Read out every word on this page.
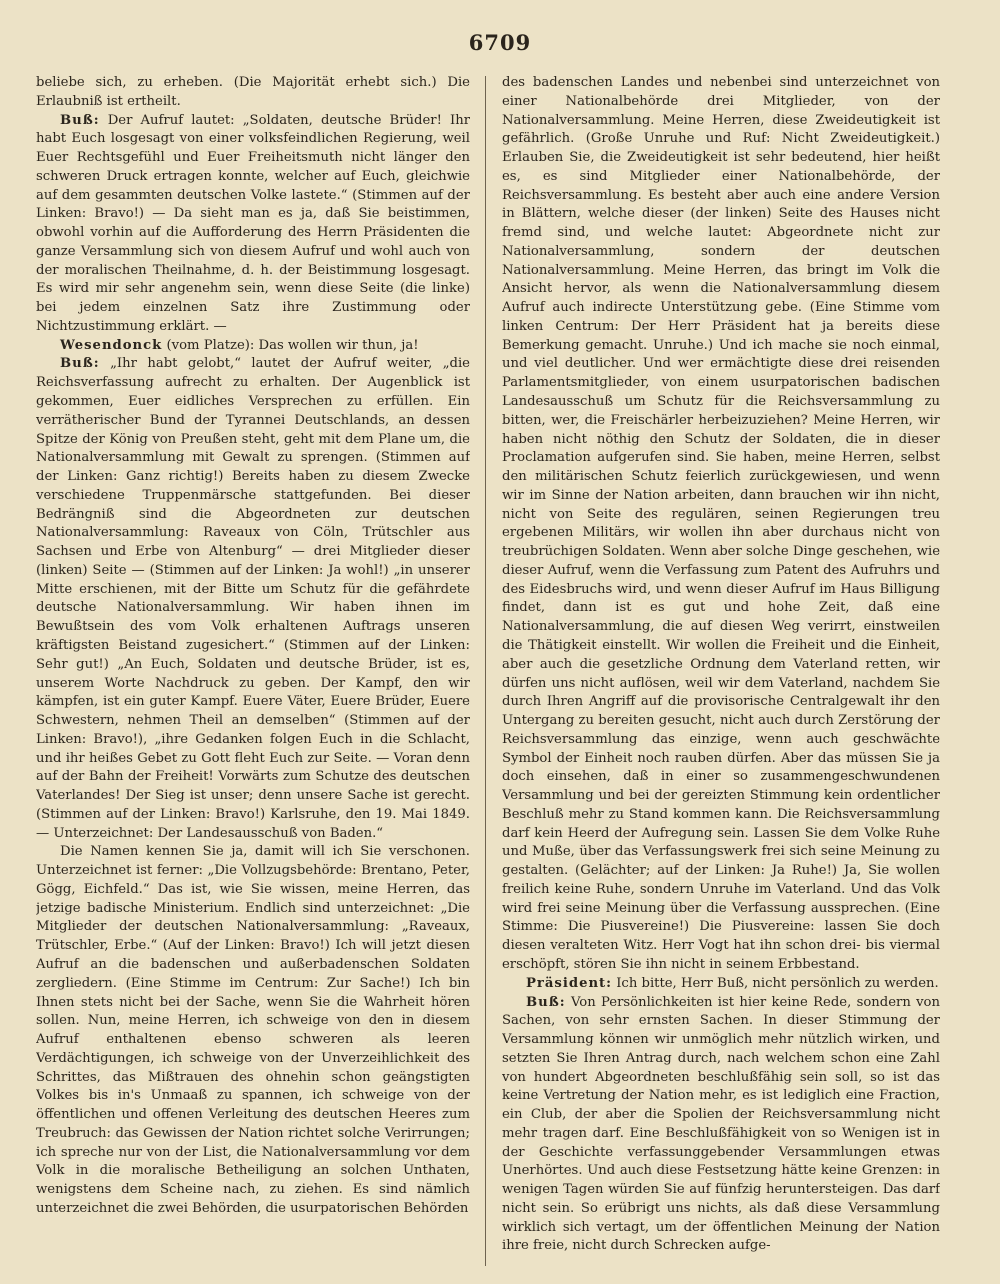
6709

beliebe sich, zu erheben. (Die Majorität erhebt sich.) Die Erlaubniß ist ertheilt.

Buß: Der Aufruf lautet: „Soldaten, deutsche Brüder! Ihr habt Euch losgesagt von einer volksfeindlichen Regierung, weil Euer Rechtsgefühl und Euer Freiheitsmuth nicht länger den schweren Druck ertragen konnte, welcher auf Euch, gleichwie auf dem gesammten deutschen Volke lastete.“ (Stimmen auf der Linken: Bravo!) — Da sieht man es ja, daß Sie beistimmen, obwohl vorhin auf die Aufforderung des Herrn Präsidenten die ganze Versammlung sich von diesem Aufruf und wohl auch von der moralischen Theilnahme, d. h. der Beistimmung losgesagt. Es wird mir sehr angenehm sein, wenn diese Seite (die linke) bei jedem einzelnen Satz ihre Zustimmung oder Nichtzustimmung erklärt. —

Wesendonck (vom Platze): Das wollen wir thun, ja!

Buß: „Ihr habt gelobt,“ lautet der Aufruf weiter, „die Reichsverfassung aufrecht zu erhalten. Der Augenblick ist gekommen, Euer eidliches Versprechen zu erfüllen. Ein verrätherischer Bund der Tyrannei Deutschlands, an dessen Spitze der König von Preußen steht, geht mit dem Plane um, die Nationalversammlung mit Gewalt zu sprengen. (Stimmen auf der Linken: Ganz richtig!) Bereits haben zu diesem Zwecke verschiedene Truppenmärsche stattgefunden. Bei dieser Bedrängniß sind die Abgeordneten zur deutschen Nationalversammlung: Raveaux von Cöln, Trütschler aus Sachsen und Erbe von Altenburg“ — drei Mitglieder dieser (linken) Seite — (Stimmen auf der Linken: Ja wohl!) „in unserer Mitte erschienen, mit der Bitte um Schutz für die gefährdete deutsche Nationalversammlung. Wir haben ihnen im Bewußtsein des vom Volk erhaltenen Auftrags unseren kräftigsten Beistand zugesichert.“ (Stimmen auf der Linken: Sehr gut!) „An Euch, Soldaten und deutsche Brüder, ist es, unserem Worte Nachdruck zu geben. Der Kampf, den wir kämpfen, ist ein guter Kampf. Euere Väter, Euere Brüder, Euere Schwestern, nehmen Theil an demselben“ (Stimmen auf der Linken: Bravo!), „ihre Gedanken folgen Euch in die Schlacht, und ihr heißes Gebet zu Gott fleht Euch zur Seite. — Voran denn auf der Bahn der Freiheit! Vorwärts zum Schutze des deutschen Vaterlandes! Der Sieg ist unser; denn unsere Sache ist gerecht. (Stimmen auf der Linken: Bravo!) Karlsruhe, den 19. Mai 1849. — Unterzeichnet: Der Landesausschuß von Baden.“

Die Namen kennen Sie ja, damit will ich Sie verschonen. Unterzeichnet ist ferner: „Die Vollzugsbehörde: Brentano, Peter, Gögg, Eichfeld.“ Das ist, wie Sie wissen, meine Herren, das jetzige badische Ministerium. Endlich sind unterzeichnet: „Die Mitglieder der deutschen Nationalversammlung: „Raveaux, Trütschler, Erbe.“ (Auf der Linken: Bravo!) Ich will jetzt diesen Aufruf an die badenschen und außerbadenschen Soldaten zergliedern. (Eine Stimme im Centrum: Zur Sache!) Ich bin Ihnen stets nicht bei der Sache, wenn Sie die Wahrheit hören sollen. Nun, meine Herren, ich schweige von den in diesem Aufruf enthaltenen ebenso schweren als leeren Verdächtigungen, ich schweige von der Unverzeihlichkeit des Schrittes, das Mißtrauen des ohnehin schon geängstigten Volkes bis in's Unmaaß zu spannen, ich schweige von der öffentlichen und offenen Verleitung des deutschen Heeres zum Treubruch: das Gewissen der Nation richtet solche Verirrungen; ich spreche nur von der List, die Nationalversammlung vor dem Volk in die moralische Betheiligung an solchen Unthaten, wenigstens dem Scheine nach, zu ziehen. Es sind nämlich unterzeichnet die zwei Behörden, die usurpatorischen Behörden

des badenschen Landes und nebenbei sind unterzeichnet von einer Nationalbehörde drei Mitglieder, von der Nationalversammlung. Meine Herren, diese Zweideutigkeit ist gefährlich. (Große Unruhe und Ruf: Nicht Zweideutigkeit.) Erlauben Sie, die Zweideutigkeit ist sehr bedeutend, hier heißt es, es sind Mitglieder einer Nationalbehörde, der Reichsversammlung. Es besteht aber auch eine andere Version in Blättern, welche dieser (der linken) Seite des Hauses nicht fremd sind, und welche lautet: Abgeordnete nicht zur Nationalversammlung, sondern der deutschen Nationalversammlung. Meine Herren, das bringt im Volk die Ansicht hervor, als wenn die Nationalversammlung diesem Aufruf auch indirecte Unterstützung gebe. (Eine Stimme vom linken Centrum: Der Herr Präsident hat ja bereits diese Bemerkung gemacht. Unruhe.) Und ich mache sie noch einmal, und viel deutlicher. Und wer ermächtigte diese drei reisenden Parlamentsmitglieder, von einem usurpatorischen badischen Landesausschuß um Schutz für die Reichsversammlung zu bitten, wer, die Freischärler herbeizuziehen? Meine Herren, wir haben nicht nöthig den Schutz der Soldaten, die in dieser Proclamation aufgerufen sind. Sie haben, meine Herren, selbst den militärischen Schutz feierlich zurückgewiesen, und wenn wir im Sinne der Nation arbeiten, dann brauchen wir ihn nicht, nicht von Seite des regulären, seinen Regierungen treu ergebenen Militärs, wir wollen ihn aber durchaus nicht von treubrüchigen Soldaten. Wenn aber solche Dinge geschehen, wie dieser Aufruf, wenn die Verfassung zum Patent des Aufruhrs und des Eidesbruchs wird, und wenn dieser Aufruf im Haus Billigung findet, dann ist es gut und hohe Zeit, daß eine Nationalversammlung, die auf diesen Weg verirrt, einstweilen die Thätigkeit einstellt. Wir wollen die Freiheit und die Einheit, aber auch die gesetzliche Ordnung dem Vaterland retten, wir dürfen uns nicht auflösen, weil wir dem Vaterland, nachdem Sie durch Ihren Angriff auf die provisorische Centralgewalt ihr den Untergang zu bereiten gesucht, nicht auch durch Zerstörung der Reichsversammlung das einzige, wenn auch geschwächte Symbol der Einheit noch rauben dürfen. Aber das müssen Sie ja doch einsehen, daß in einer so zusammengeschwundenen Versammlung und bei der gereizten Stimmung kein ordentlicher Beschluß mehr zu Stand kommen kann. Die Reichsversammlung darf kein Heerd der Aufregung sein. Lassen Sie dem Volke Ruhe und Muße, über das Verfassungswerk frei sich seine Meinung zu gestalten. (Gelächter; auf der Linken: Ja Ruhe!) Ja, Sie wollen freilich keine Ruhe, sondern Unruhe im Vaterland. Und das Volk wird frei seine Meinung über die Verfassung aussprechen. (Eine Stimme: Die Piusvereine!) Die Piusvereine: lassen Sie doch diesen veralteten Witz. Herr Vogt hat ihn schon drei- bis viermal erschöpft, stören Sie ihn nicht in seinem Erbbestand.

Präsident: Ich bitte, Herr Buß, nicht persönlich zu werden.

Buß: Von Persönlichkeiten ist hier keine Rede, sondern von Sachen, von sehr ernsten Sachen. In dieser Stimmung der Versammlung können wir unmöglich mehr nützlich wirken, und setzten Sie Ihren Antrag durch, nach welchem schon eine Zahl von hundert Abgeordneten beschlußfähig sein soll, so ist das keine Vertretung der Nation mehr, es ist lediglich eine Fraction, ein Club, der aber die Spolien der Reichsversammlung nicht mehr tragen darf. Eine Beschlußfähigkeit von so Wenigen ist in der Geschichte verfassunggebender Versammlungen etwas Unerhörtes. Und auch diese Festsetzung hätte keine Grenzen: in wenigen Tagen würden Sie auf fünfzig heruntersteigen. Das darf nicht sein. So erübrigt uns nichts, als daß diese Versammlung wirklich sich vertagt, um der öffentlichen Meinung der Nation ihre freie, nicht durch Schrecken aufge-
